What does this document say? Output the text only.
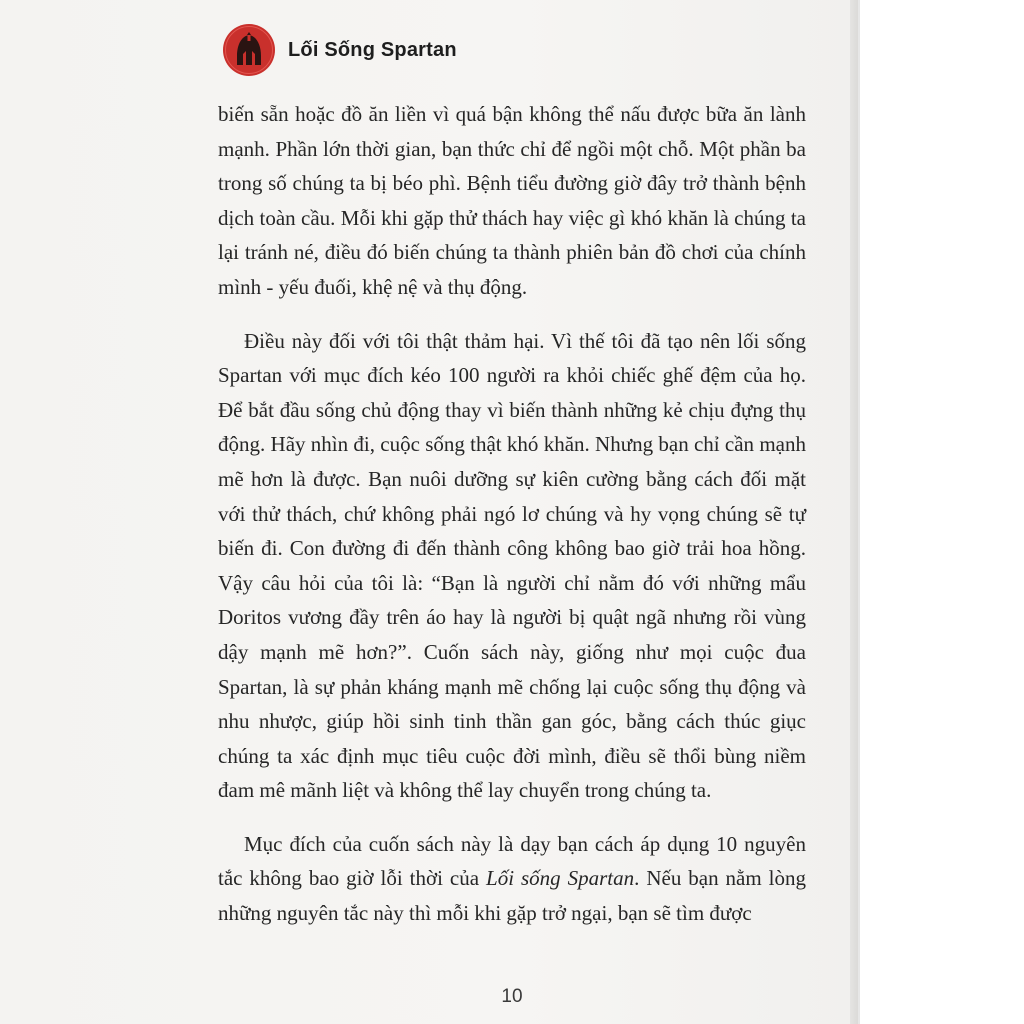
Lối Sống Spartan

biến sẵn hoặc đồ ăn liền vì quá bận không thể nấu được bữa ăn lành mạnh. Phần lớn thời gian, bạn thức chỉ để ngồi một chỗ. Một phần ba trong số chúng ta bị béo phì. Bệnh tiểu đường giờ đây trở thành bệnh dịch toàn cầu. Mỗi khi gặp thử thách hay việc gì khó khăn là chúng ta lại tránh né, điều đó biến chúng ta thành phiên bản đồ chơi của chính mình - yếu đuối, khệ nệ và thụ động.

Điều này đối với tôi thật thảm hại. Vì thế tôi đã tạo nên lối sống Spartan với mục đích kéo 100 người ra khỏi chiếc ghế đệm của họ. Để bắt đầu sống chủ động thay vì biến thành những kẻ chịu đựng thụ động. Hãy nhìn đi, cuộc sống thật khó khăn. Nhưng bạn chỉ cần mạnh mẽ hơn là được. Bạn nuôi dưỡng sự kiên cường bằng cách đối mặt với thử thách, chứ không phải ngó lơ chúng và hy vọng chúng sẽ tự biến đi. Con đường đi đến thành công không bao giờ trải hoa hồng. Vậy câu hỏi của tôi là: “Bạn là người chỉ nằm đó với những mẩu Doritos vương đầy trên áo hay là người bị quật ngã nhưng rồi vùng dậy mạnh mẽ hơn?”. Cuốn sách này, giống như mọi cuộc đua Spartan, là sự phản kháng mạnh mẽ chống lại cuộc sống thụ động và nhu nhược, giúp hồi sinh tinh thần gan góc, bằng cách thúc giục chúng ta xác định mục tiêu cuộc đời mình, điều sẽ thổi bùng niềm đam mê mãnh liệt và không thể lay chuyển trong chúng ta.

Mục đích của cuốn sách này là dạy bạn cách áp dụng 10 nguyên tắc không bao giờ lỗi thời của Lối sống Spartan. Nếu bạn nằm lòng những nguyên tắc này thì mỗi khi gặp trở ngại, bạn sẽ tìm được

10
